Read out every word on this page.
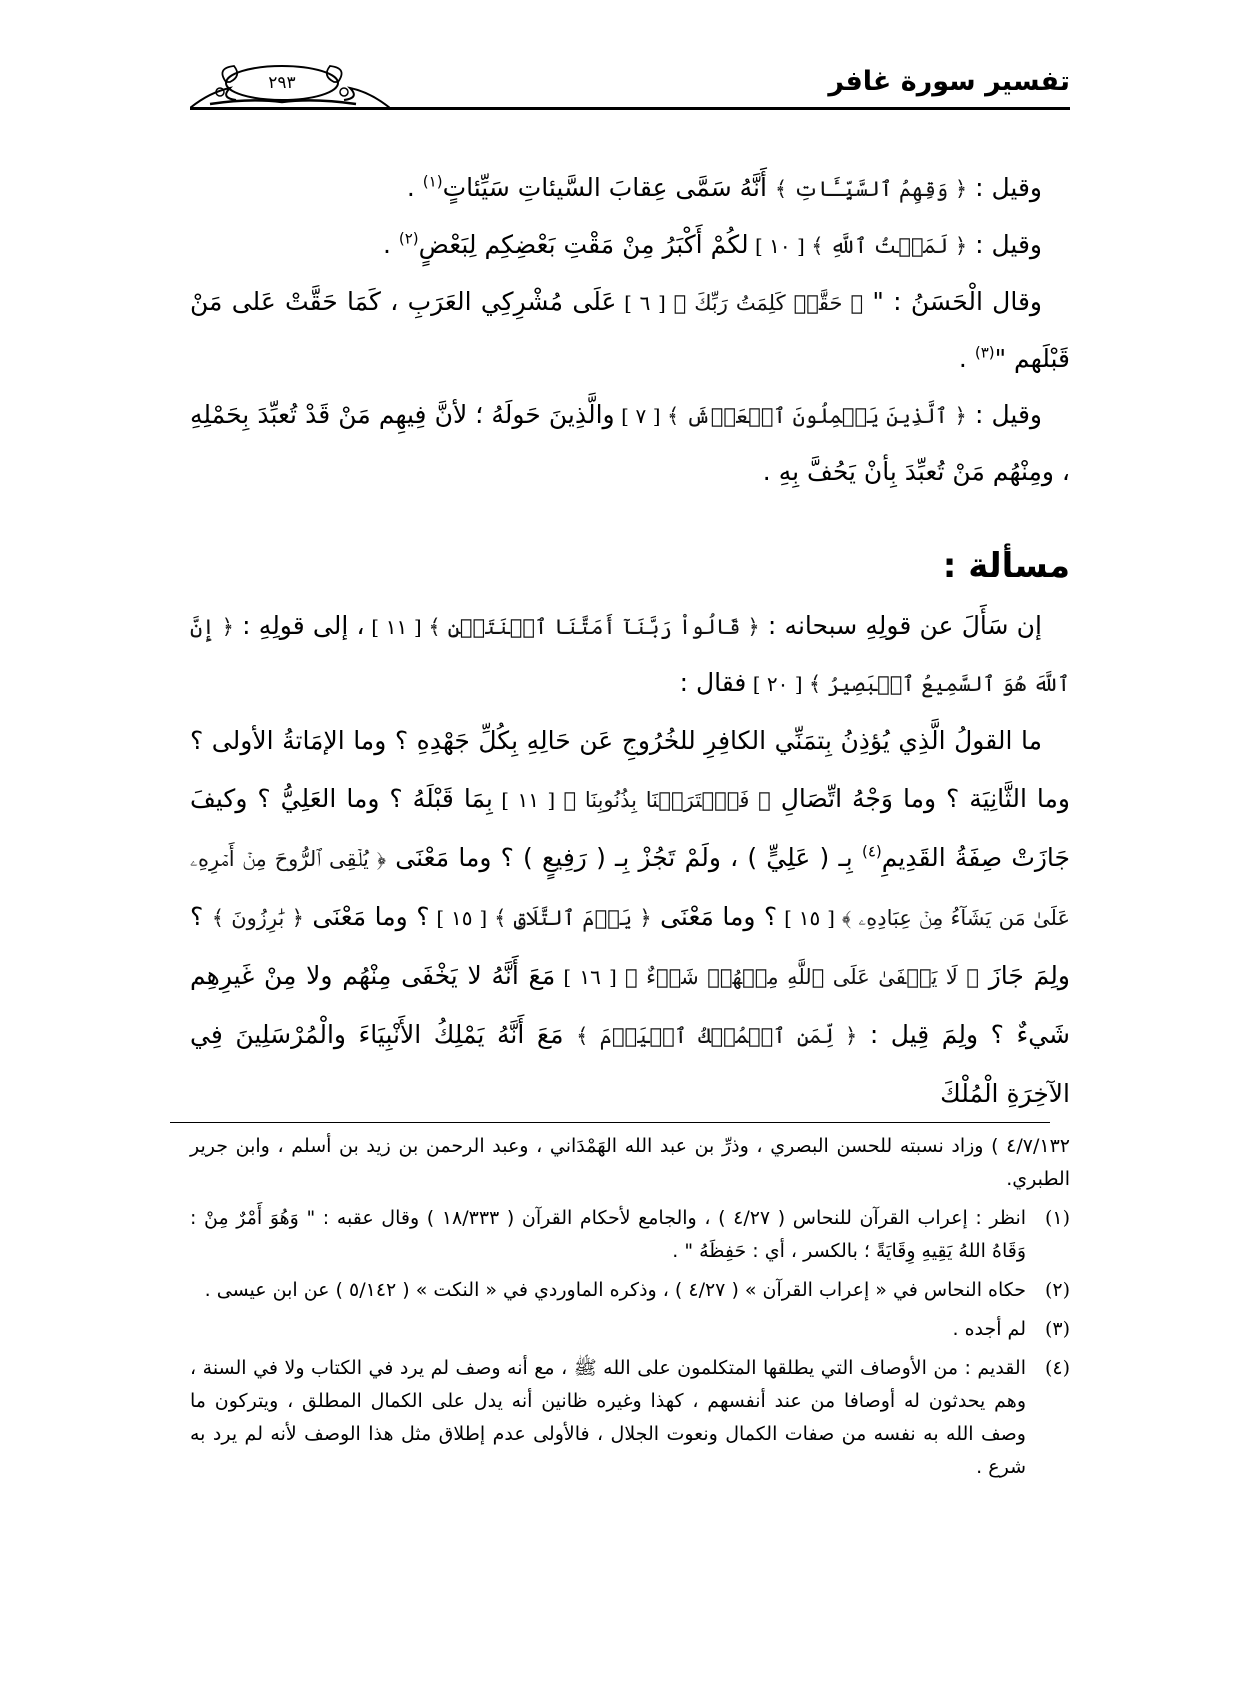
تفسير سورة غافر
٢٩٣

وقيل : ﴿ وَقِهِمُ ٱلسَّيِّـَٔاتِ ﴾ أَنَّهُ سَمَّى عِقابَ السَّيئاتِ سَيِّئاتٍ$^{(١)}$ .

وقيل : ﴿ لَمَقۡتُ ٱللَّهِ ﴾ [ ١٠ ] لكُمْ أَكْبَرُ مِنْ مَقْتِ بَعْضِكِم لِبَعْضٍ$^{(٢)}$ .

وقال الْحَسَنُ : " ﴿ حَقَّتۡ كَلِمَتُ رَبِّكَ ﴾ [ ٦ ] عَلَى مُشْرِكِي العَرَبِ ، كَمَا حَقَّتْ عَلى مَنْ قَبْلَهم "$^{(٣)}$ .

وقيل : ﴿ ٱلَّذِينَ يَحۡمِلُونَ ٱلۡعَرۡشَ ﴾ [ ٧ ] والَّذِينَ حَولَهُ ؛ لأنَّ فِيهِم مَنْ قَدْ تُعبِّدَ بِحَمْلِهِ ، ومِنْهُم مَنْ تُعبِّدَ بِأنْ يَحُفَّ بِهِ .

مسألة :

إن سَأَلَ عن قولِهِ سبحانه : ﴿ قَالُواْ رَبَّنَآ أَمَتَّنَا ٱثۡنَتَيۡنِ ﴾ [ ١١ ] ، إلى قولِهِ : ﴿ إِنَّ ٱللَّهَ هُوَ ٱلسَّمِيعُ ٱلۡبَصِيرُ ﴾ [ ٢٠ ] فقال :

ما القولُ الَّذِي يُؤذِنُ بِتمَنِّي الكافِرِ للخُرُوجِ عَن حَالِهِ بِكُلِّ جَهْدِهِ ؟ وما الإمَاتةُ الأولى ؟ وما الثَّانِيَة ؟ وما وَجْهُ اتِّصَالِ ﴿ فَٱعۡتَرَفۡنَا بِذُنُوبِنَا ﴾ [ ١١ ] بِمَا قَبْلَهُ ؟ وما العَلِيُّ ؟ وكيفَ جَازَتْ صِفَةُ القَدِيمِ$^{(٤)}$ بِـ ( عَلِيٍّ ) ، ولَمْ تَجُزْ بِـ ( رَفِيعٍ ) ؟ وما مَعْنَى ﴿ يُلۡقِى ٱلرُّوحَ مِنۡ أَمۡرِهِۦ عَلَىٰ مَن يَشَآءُ مِنۡ عِبَادِهِۦ ﴾ [ ١٥ ] ؟ وما مَعْنَى ﴿ يَوۡمَ ٱلتَّلَاقِ ﴾ [ ١٥ ] ؟ وما مَعْنَى ﴿ بَٰرِزُونَ ﴾ ؟ ولِمَ جَازَ ﴿ لَا يَخۡفَىٰ عَلَى ٱللَّهِ مِنۡهُمۡ شَيۡءٌ ﴾ [ ١٦ ] مَعَ أَنَّهُ لا يَخْفَى مِنْهُم ولا مِنْ غَيرِهِم شَيءٌ ؟ ولِمَ قِيل : ﴿ لِّمَنِ ٱلۡمُلۡكُ ٱلۡيَوۡمَ ﴾ مَعَ أَنَّهُ يَمْلِكُ الأَنْبِيَاءَ والْمُرْسَلِينَ فِي الآخِرَةِ الْمُلْكَ

٤/٧/١٣٢ ) وزاد نسبته للحسن البصري ، وذرِّ بن عبد الله الهَمْدَاني ، وعبد الرحمن بن زيد بن أسلم ، وابن جرير الطبري.

(١)
انظر : إعراب القرآن للنحاس ( ٤/٢٧ ) ، والجامع لأحكام القرآن ( ١٨/٣٣٣ ) وقال عقبه : " وَهُوَ أَمْرٌ مِنْ : وَقَاهُ اللهُ يَقِيهِ وِقَايَةً ؛ بالكسر ، أي : حَفِظَهُ " .

(٢)
حكاه النحاس في « إعراب القرآن » ( ٤/٢٧ ) ، وذكره الماوردي في « النكت » ( ٥/١٤٢ ) عن ابن عيسى .

(٣)
لم أجده .

(٤)
القديم : من الأوصاف التي يطلقها المتكلمون على الله ﷺ ، مع أنه وصف لم يرد في الكتاب ولا في السنة ، وهم يحدثون له أوصافا من عند أنفسهم ، كهذا وغيره ظانين أنه يدل على الكمال المطلق ، ويتركون ما وصف الله به نفسه من صفات الكمال ونعوت الجلال ، فالأولى عدم إطلاق مثل هذا الوصف لأنه لم يرد به شرع .
